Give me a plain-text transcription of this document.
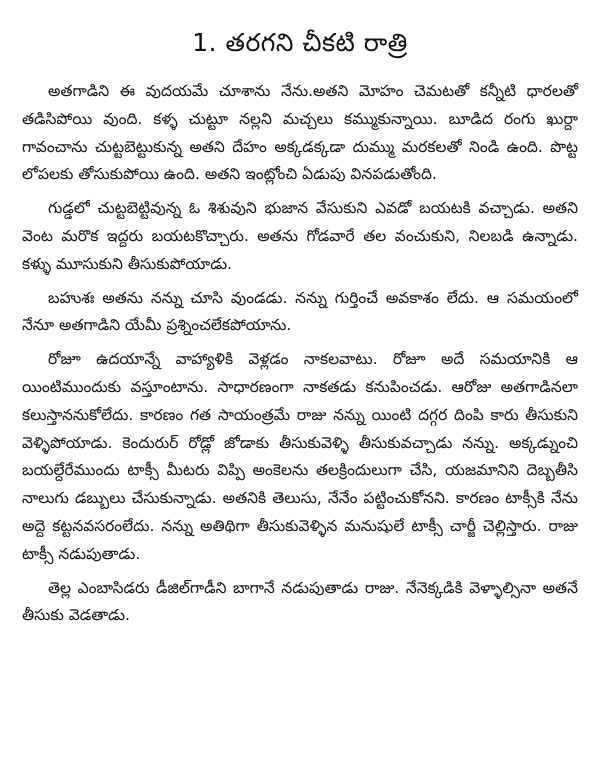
1. తరగని చీకటి రాత్రి

అతగాడిని ఈ వుదయమే చూశాను నేను.అతని మోహం చెమటతో కన్నీటి ధారలతో తడిసిపోయి వుంది. కళ్ళ చుట్టూ నల్లని మచ్చలు కమ్ముకున్నాయి. బూడిద రంగు ఖుర్దా గావంచాను చుట్టబెట్టుకున్న అతని దేహం అక్కడక్కడా దుమ్ము మరకలతో నిండి ఉంది. పొట్ట లోపలకు తోసుకుపోయి ఉంది. అతని ఇంట్లోంచి ఏడుపు వినపడుతోంది.

గుడ్డలో చుట్టబెట్టివున్న ఓ శిశువుని భుజాన వేసుకుని ఎవడో బయటకి వచ్చాడు. అతని వెంట మరొక ఇద్దరు బయటకొచ్చారు. అతను గోడవారే తల వంచుకుని, నిలబడి ఉన్నాడు. కళ్ళు మూసుకుని తీసుకుపోయాడు.

బహుశః అతను నన్ను చూసి వుండడు. నన్ను గుర్తించే అవకాశం లేదు. ఆ సమయంలో నేనూ అతగాడిని యేమీ ప్రశ్నించలేకపోయాను.

రోజూ ఉదయాన్నే వాహ్యాళికి వెళ్లడం నాకలవాటు. రోజూ అదే సమయానికి ఆ యింటిముందుకు వస్తూంటాను. సాధారణంగా నాకతడు కనుపించడు. ఆరోజు అతగాడినలా కలుస్తాననుకోలేదు. కారణం గత సాయంత్రమే రాజు నన్ను యింటి దగ్గర దింపి కారు తీసుకుని వెళ్ళిపోయాడు. కెందురుర్ రోడ్లో జోడాకు తీసుకువెళ్ళి తీసుకువచ్చాడు నన్ను. అక్కడ్నుంచి బయల్దేరేముందు టాక్సీ మీటరు విప్పి అంకెలను తలక్రిందులుగా చేసి, యజమానిని దెబ్బతీసి నాలుగు డబ్బులు చేసుకున్నాడు. అతనికి తెలుసు, నేనేం పట్టించుకోనని. కారణం టాక్సీకి నేను అద్దె కట్టనవసరంలేదు. నన్ను అతిథిగా తీసుకువెళ్ళిన మనుషులే టాక్సీ చార్జీ చెల్లిస్తారు. రాజు టాక్సీ నడుపుతాడు.

తెల్ల ఎంబాసిడరు డీజిల్‌గాడీని బాగానే నడుపుతాడు రాజు. నేనెక్కడికి వెళ్ళాల్సినా అతనే తీసుకు వెడతాడు.
